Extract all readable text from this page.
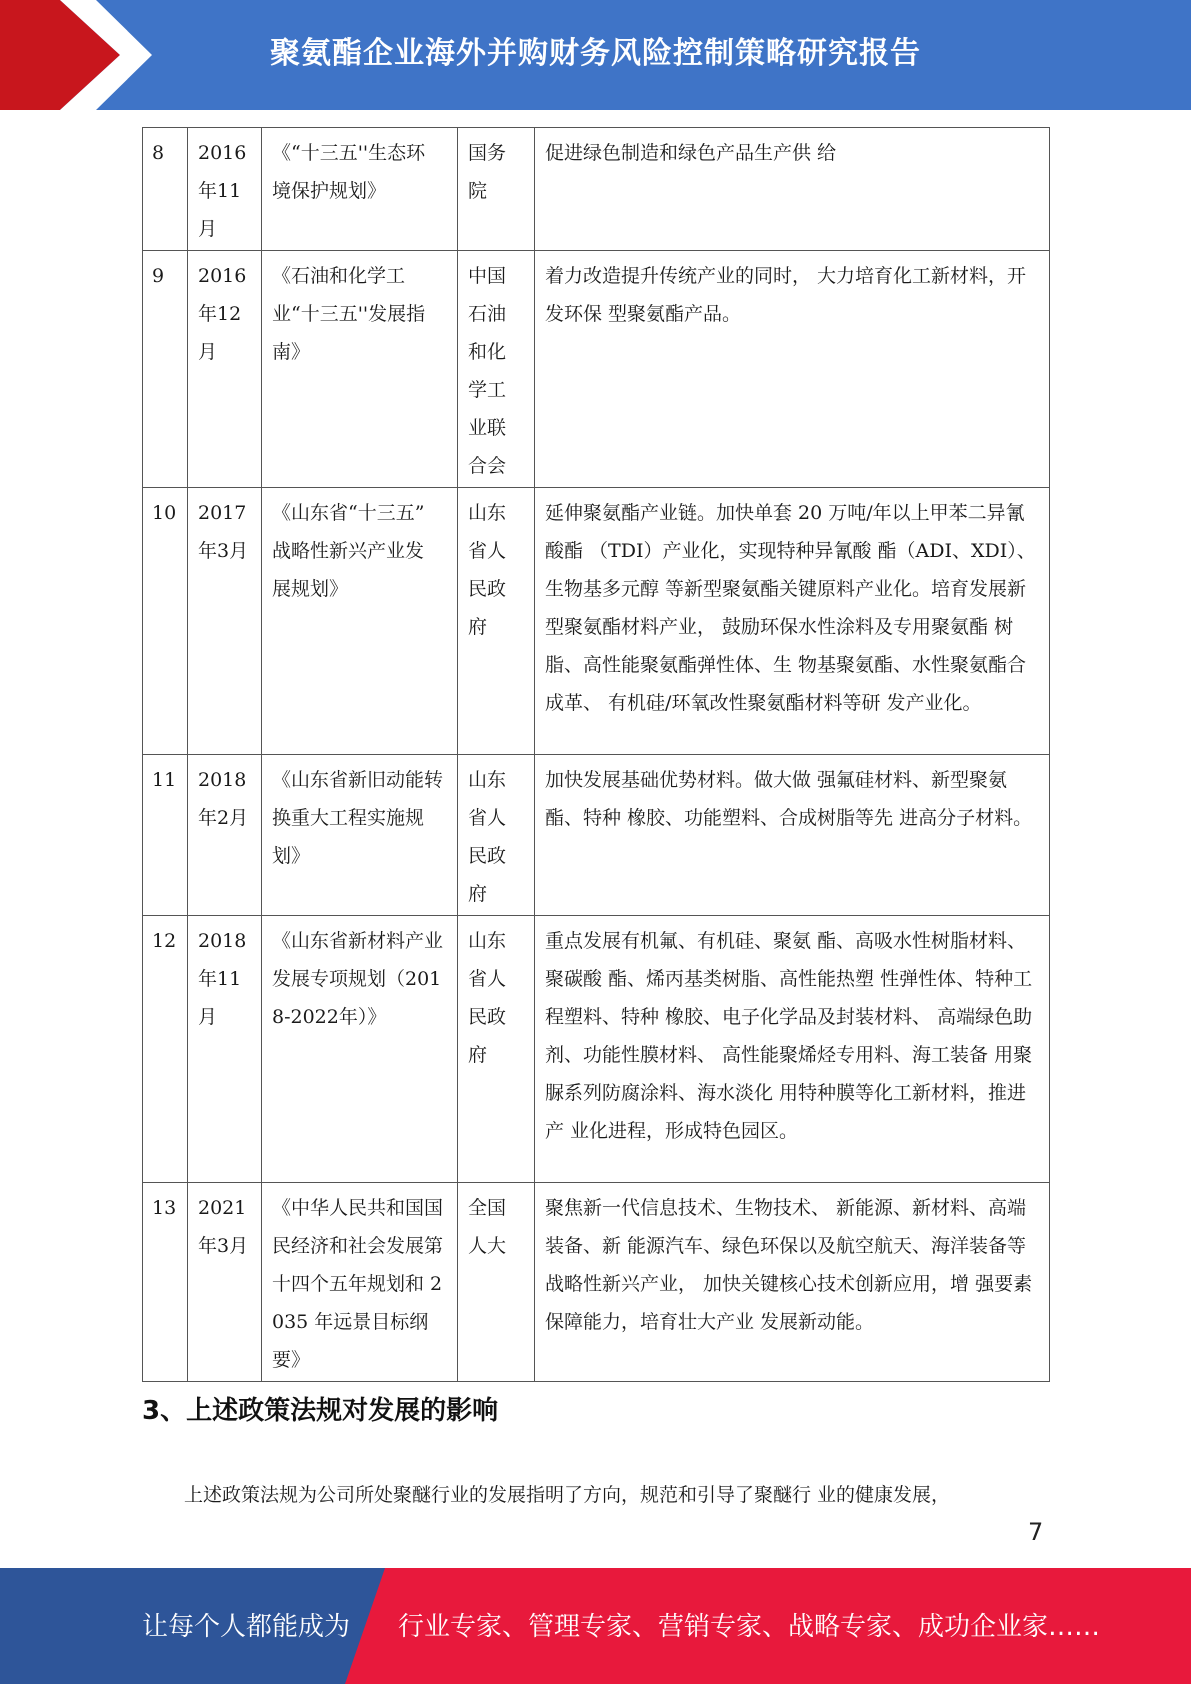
聚氨酯企业海外并购财务风险控制策略研究报告
8	2016年11月	《“十三五''生态环 境保护规划》	国务院	促进绿色制造和绿色产品生产供 给
9	2016年12月	《石油和化学工业“十三五''发展指南》	中国石油和化学工业联合会	着力改造提升传统产业的同时， 大力培育化工新材料，开发环保 型聚氨酯产品。
10	2017年3月	《山东省“十三五” 战略性新兴产业发 展规划》	山东省人民政府	延伸聚氨酯产业链。加快单套 20 万吨/年以上甲苯二异氰酸酯 （TDI）产业化，实现特种异氰酸 酯（ADI、XDI）、生物基多元醇 等新型聚氨酯关键原料产业化。培育发展新型聚氨酯材料产业， 鼓励环保水性涂料及专用聚氨酯 树脂、高性能聚氨酯弹性体、生 物基聚氨酯、水性聚氨酯合成革、 有机硅/环氧改性聚氨酯材料等研 发产业化。
11	2018年2月	《山东省新旧动能转换重大工程实施规划》	山东省人民政府	加快发展基础优势材料。做大做 强氟硅材料、新型聚氨酯、特种 橡胶、功能塑料、合成树脂等先 进高分子材料。
12	2018年11月	《山东省新材料产业发展专项规划（2018-2022年）》	山东省人民政府	重点发展有机氟、有机硅、聚氨 酯、高吸水性树脂材料、聚碳酸 酯、烯丙基类树脂、高性能热塑 性弹性体、特种工程塑料、特种 橡胶、电子化学品及封装材料、 高端绿色助剂、功能性膜材料、 高性能聚烯烃专用料、海工装备 用聚脲系列防腐涂料、海水淡化 用特种膜等化工新材料，推进产 业化进程，形成特色园区。
13	2021年3月	《中华人民共和国国民经济和社会发展第十四个五年规划和 2035 年远景目标纲要》	全国人大	聚焦新一代信息技术、生物技术、 新能源、新材料、高端装备、新 能源汽车、绿色环保以及航空航天、海洋装备等战略性新兴产业， 加快关键核心技术创新应用，增 强要素保障能力，培育壮大产业 发展新动能。
3、上述政策法规对发展的影响
上述政策法规为公司所处聚醚行业的发展指明了方向，规范和引导了聚醚行 业的健康发展，
7
让每个人都能成为 行业专家、管理专家、营销专家、战略专家、成功企业家……
